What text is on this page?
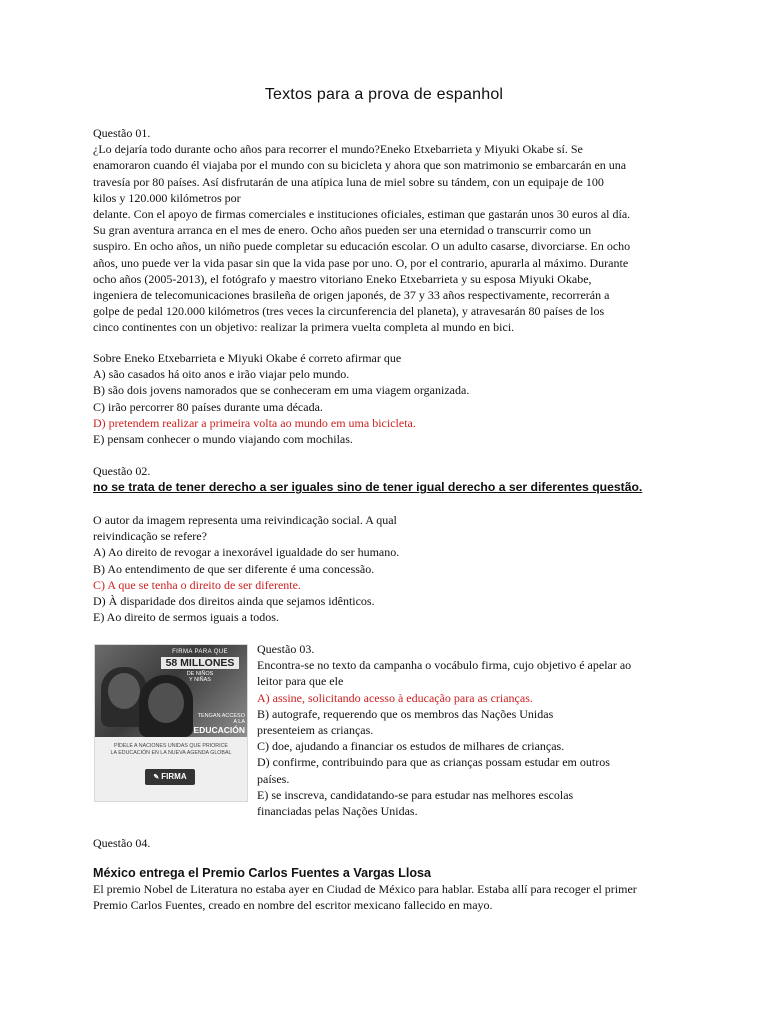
Textos para a prova de espanhol
Questão 01.
¿Lo dejaría todo durante ocho años para recorrer el mundo?Eneko Etxebarrieta y Miyuki Okabe sí. Se
enamoraron cuando él viajaba por el mundo con su bicicleta y ahora que son matrimonio se embarcarán en una
travesía por 80 países. Así disfrutarán de una atípica luna de miel sobre su tándem, con un equipaje de 100
kilos y 120.000 kilómetros por
delante. Con el apoyo de firmas comerciales e instituciones oficiales, estiman que gastarán unos 30 euros al día.
Su gran aventura arranca en el mes de enero. Ocho años pueden ser una eternidad o transcurrir como un
suspiro. En ocho años, un niño puede completar su educación escolar. O un adulto casarse, divorciarse. En ocho
años, uno puede ver la vida pasar sin que la vida pase por uno. O, por el contrario, apurarla al máximo. Durante
ocho años (2005-2013), el fotógrafo y maestro vitoriano Eneko Etxebarrieta y su esposa Miyuki Okabe,
ingeniera de telecomunicaciones brasileña de origen japonés, de 37 y 33 años respectivamente, recorrerán a
golpe de pedal 120.000 kilómetros (tres veces la circunferencia del planeta), y atravesarán 80 países de los
cinco continentes con un objetivo: realizar la primera vuelta completa al mundo en bici.
Sobre Eneko Etxebarrieta e Miyuki Okabe é correto afirmar que
A) são casados há oito anos e irão viajar pelo mundo.
B) são dois jovens namorados que se conheceram em uma viagem organizada.
C) irão percorrer 80 países durante uma década.
D) pretendem realizar a primeira volta ao mundo em uma bicicleta.
E) pensam conhecer o mundo viajando com mochilas.
Questão 02.
no se trata de tener derecho a ser iguales sino de tener igual derecho a ser diferentes questão.
O autor da imagem representa uma reivindicação social. A qual
reivindicação se refere?
A) Ao direito de revogar a inexorável igualdade do ser humano.
B) Ao entendimento de que ser diferente é uma concessão.
C) A que se tenha o direito de ser diferente.
D) À disparidade dos direitos ainda que sejamos idênticos.
E) Ao direito de sermos iguais a todos.
FIRMA PARA QUE
58 MILLONES
DE NIÑOS
Y NIÑAS
TENGAN ACCESO
A LA
EDUCACIÓN
PÍDELE A NACIONES UNIDAS QUE PRIORICE
LA EDUCACIÓN EN LA NUEVA AGENDA GLOBAL
✎ FIRMA
Questão 03.
Encontra-se no texto da campanha o vocábulo firma, cujo objetivo é apelar ao
leitor para que ele
A) assine, solicitando acesso à educação para as crianças.
B) autografe, requerendo que os membros das Nações Unidas
presenteiem as crianças.
C) doe, ajudando a financiar os estudos de milhares de crianças.
D) confirme, contribuindo para que as crianças possam estudar em outros
países.
E) se inscreva, candidatando-se para estudar nas melhores escolas
financiadas pelas Nações Unidas.
Questão 04.
México entrega el Premio Carlos Fuentes a Vargas Llosa
El premio Nobel de Literatura no estaba ayer en Ciudad de México para hablar. Estaba allí para recoger el primer
Premio Carlos Fuentes, creado en nombre del escritor mexicano fallecido en mayo.
